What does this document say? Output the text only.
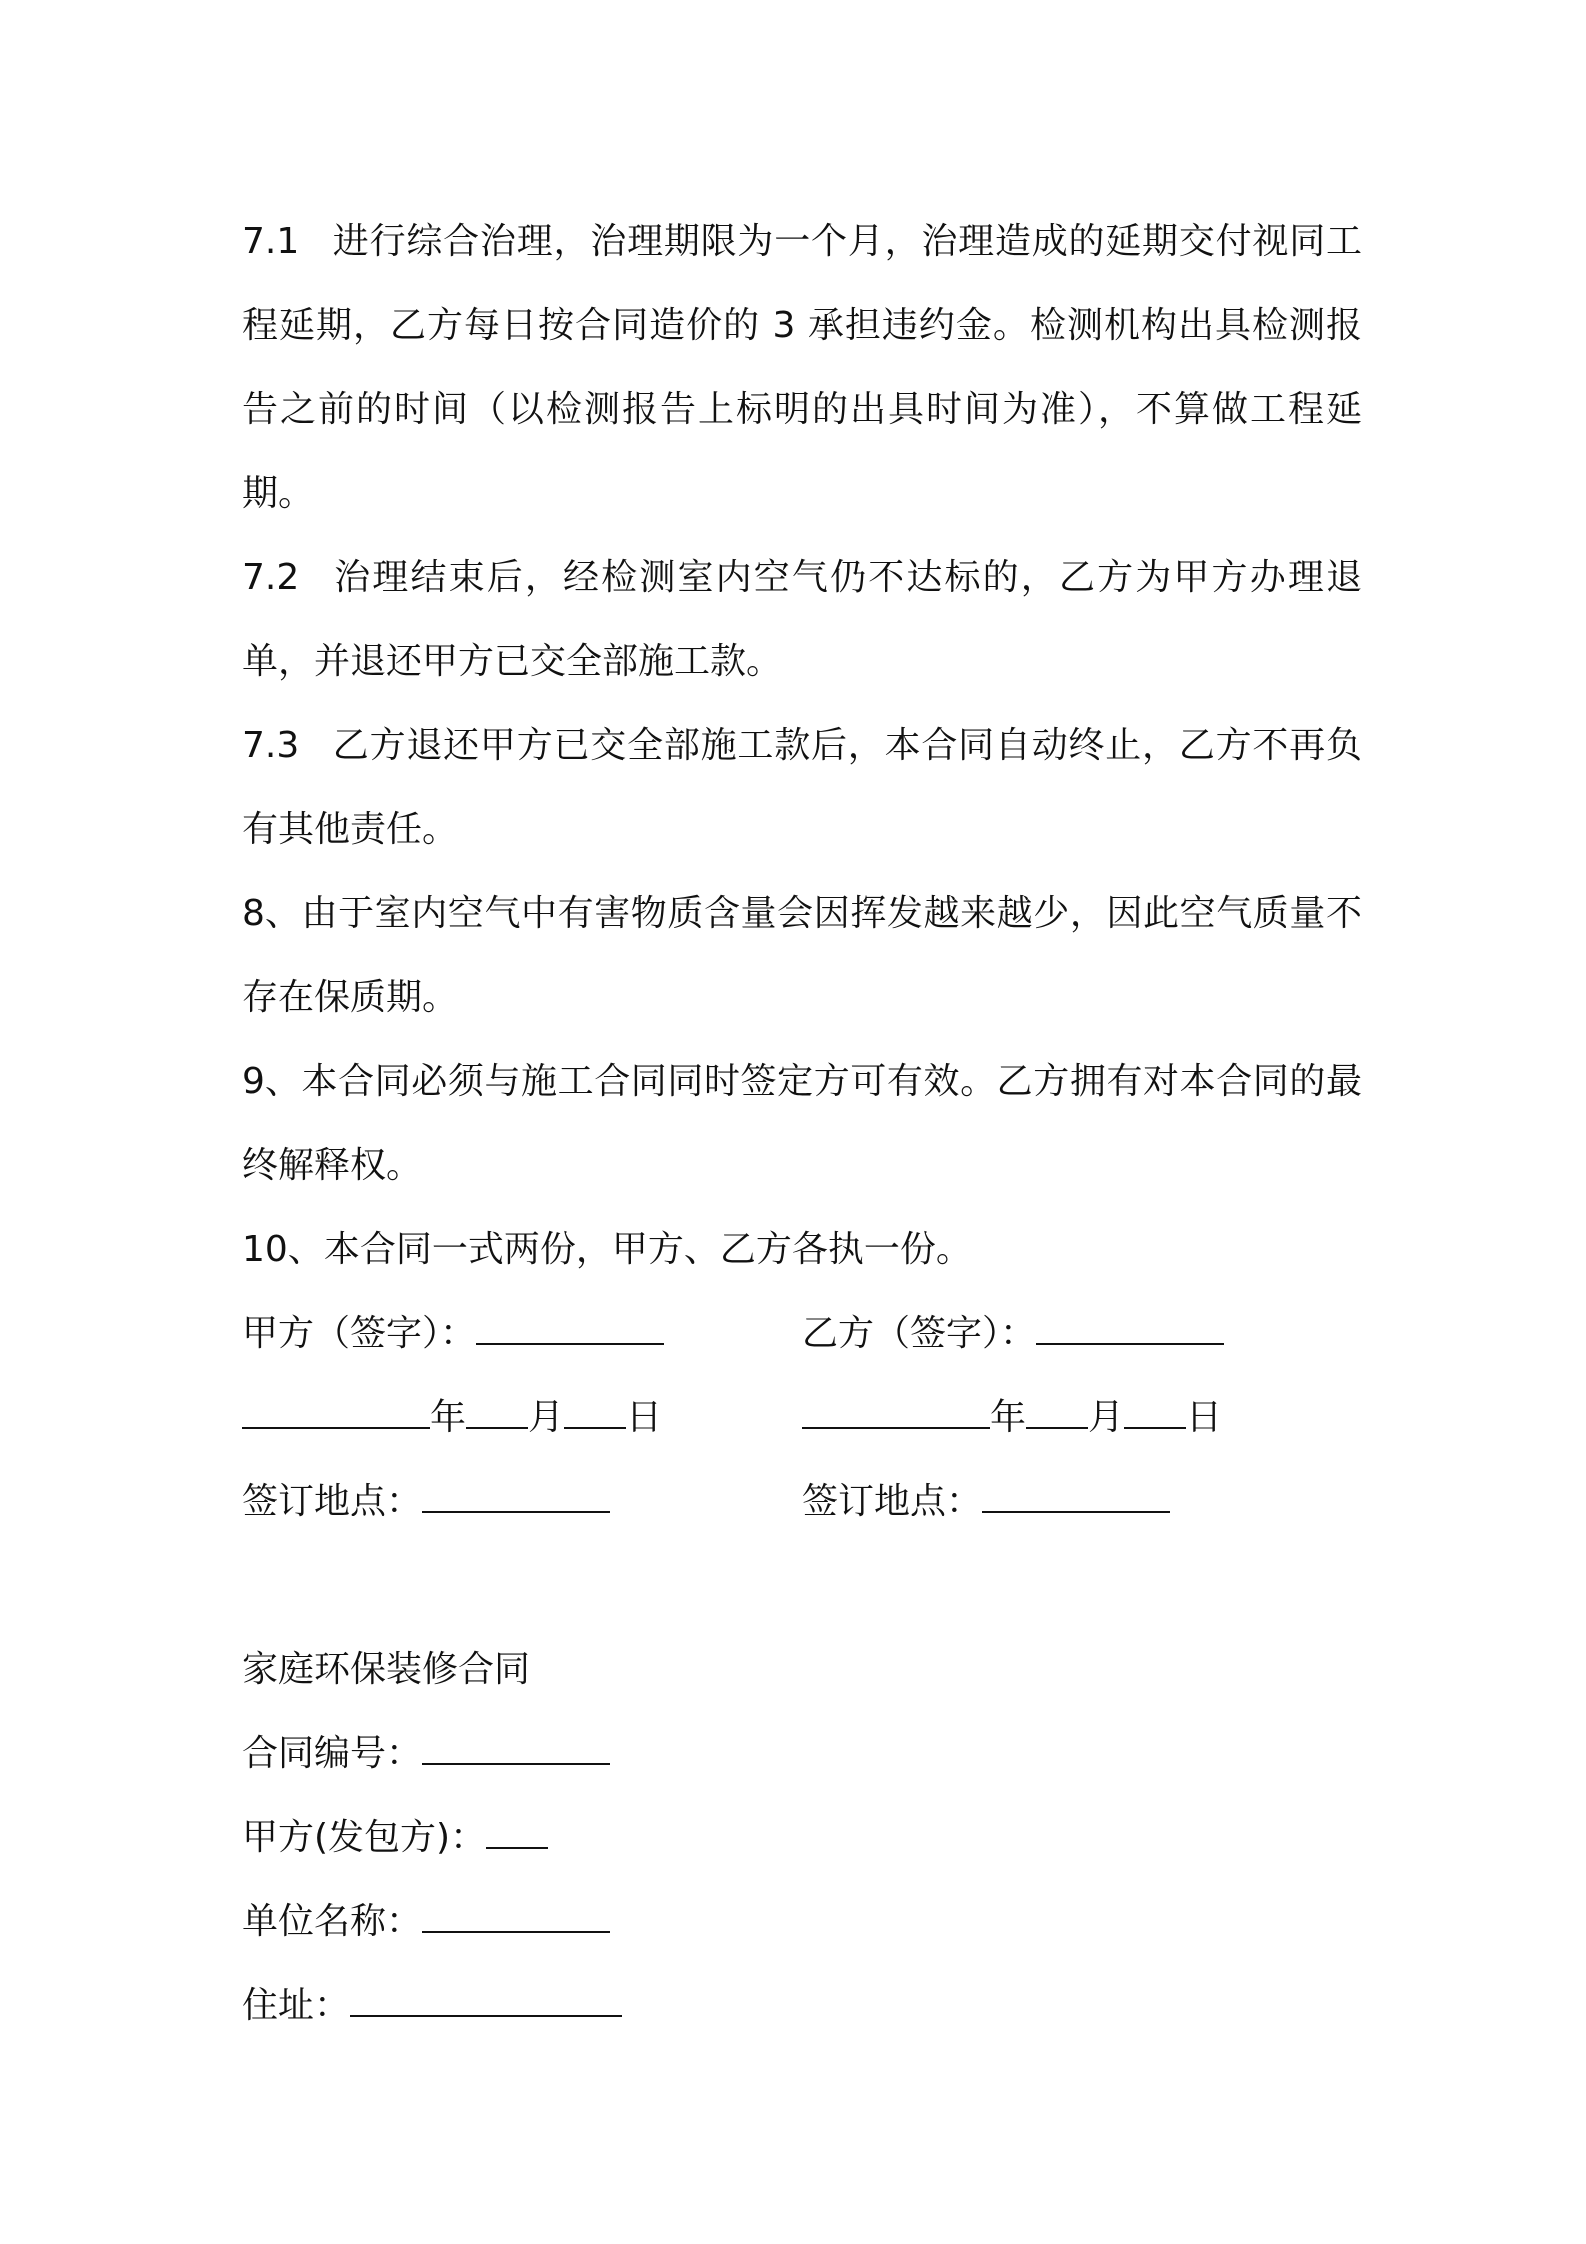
7.1 进行综合治理，治理期限为一个月，治理造成的延期交付视同工程延期，乙方每日按合同造价的 3 承担违约金。检测机构出具检测报告之前的时间（以检测报告上标明的出具时间为准），不算做工程延期。

7.2 治理结束后，经检测室内空气仍不达标的，乙方为甲方办理退单，并退还甲方已交全部施工款。

7.3 乙方退还甲方已交全部施工款后，本合同自动终止，乙方不再负有其他责任。

8、由于室内空气中有害物质含量会因挥发越来越少，因此空气质量不存在保质期。

9、本合同必须与施工合同同时签定方可有效。乙方拥有对本合同的最终解释权。

10、本合同一式两份，甲方、乙方各执一份。

甲方（签字）：	乙方（签字）：
年 月 日	年 月 日
签订地点：	签订地点：

家庭环保装修合同

合同编号：

甲方(发包方)：

单位名称：

住址：
